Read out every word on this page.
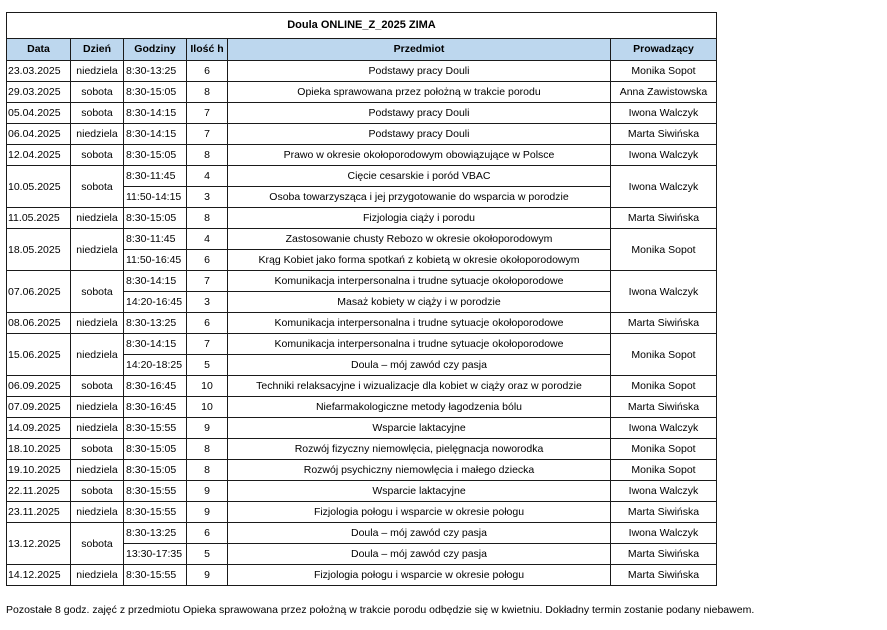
Doula ONLINE_Z_2025 ZIMA					
Data	Dzień	Godziny	Ilość h	Przedmiot	Prowadzący
23.03.2025	niedziela	8:30-13:25	6	Podstawy pracy Douli	Monika Sopot
29.03.2025	sobota	8:30-15:05	8	Opieka sprawowana przez położną w trakcie porodu	Anna Zawistowska
05.04.2025	sobota	8:30-14:15	7	Podstawy pracy Douli	Iwona Walczyk
06.04.2025	niedziela	8:30-14:15	7	Podstawy pracy Douli	Marta Siwińska
12.04.2025	sobota	8:30-15:05	8	Prawo w okresie okołoporodowym obowiązujące w Polsce	Iwona Walczyk
10.05.2025	sobota	8:30-11:45	4	Cięcie cesarskie i poród VBAC	Iwona Walczyk
		11:50-14:15	3	Osoba towarzysząca i jej przygotowanie do wsparcia w porodzie	
11.05.2025	niedziela	8:30-15:05	8	Fizjologia ciąży i porodu	Marta Siwińska
18.05.2025	niedziela	8:30-11:45	4	Zastosowanie chusty Rebozo w okresie okołoporodowym	Monika Sopot
		11:50-16:45	6	Krąg Kobiet jako forma spotkań z kobietą w okresie okołoporodowym	
07.06.2025	sobota	8:30-14:15	7	Komunikacja interpersonalna i trudne sytuacje okołoporodowe	Iwona Walczyk
		14:20-16:45	3	Masaż kobiety w ciąży i w porodzie	
08.06.2025	niedziela	8:30-13:25	6	Komunikacja interpersonalna i trudne sytuacje okołoporodowe	Marta Siwińska
15.06.2025	niedziela	8:30-14:15	7	Komunikacja interpersonalna i trudne sytuacje okołoporodowe	Monika Sopot
		14:20-18:25	5	Doula – mój zawód czy pasja	
06.09.2025	sobota	8:30-16:45	10	Techniki relaksacyjne i wizualizacje dla kobiet w ciąży oraz w porodzie	Monika Sopot
07.09.2025	niedziela	8:30-16:45	10	Niefarmakologiczne metody łagodzenia bólu	Marta Siwińska
14.09.2025	niedziela	8:30-15:55	9	Wsparcie laktacyjne	Iwona Walczyk
18.10.2025	sobota	8:30-15:05	8	Rozwój fizyczny niemowlęcia, pielęgnacja noworodka	Monika Sopot
19.10.2025	niedziela	8:30-15:05	8	Rozwój psychiczny niemowlęcia i małego dziecka	Monika Sopot
22.11.2025	sobota	8:30-15:55	9	Wsparcie laktacyjne	Iwona Walczyk
23.11.2025	niedziela	8:30-15:55	9	Fizjologia połogu i wsparcie w okresie połogu	Marta Siwińska
13.12.2025	sobota	8:30-13:25	6	Doula – mój zawód czy pasja	Iwona Walczyk
		13:30-17:35	5	Doula – mój zawód czy pasja	Marta Siwińska
14.12.2025	niedziela	8:30-15:55	9	Fizjologia połogu i wsparcie w okresie połogu	Marta Siwińska
Pozostałe 8 godz. zajęć z przedmiotu Opieka sprawowana przez położną w trakcie porodu odbędzie się w kwietniu. Dokładny termin zostanie podany niebawem.
